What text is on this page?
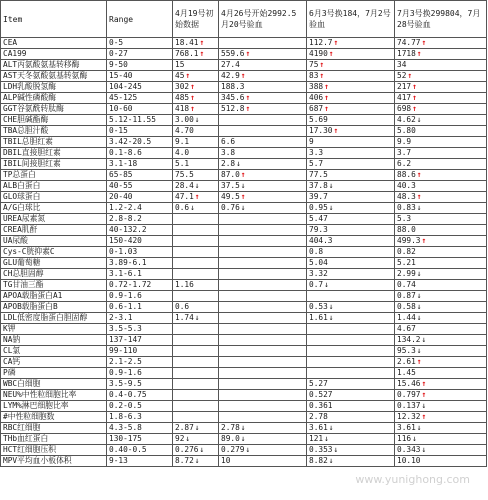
Item	Range	4月19号初始数据	4月26号开始2992.5月20号验血	6月3号换184，7月2号验血	7月3号换299804，7月28号验血
CEA	0-5	18.41↑		112.7↑	74.77↑
CA199	0-27	768.1↑	559.6↑	4190↑	1718↑
ALT丙氨酸氨基转移酶	9-50	15	27.4	75↑	34
AST天冬氨酸氨基转氨酶	15-40	45↑	42.9↑	83↑	52↑
LDH乳酸脱氢酶	104-245	302↑	188.3	388↑	217↑
ALP碱性磷酸酶	45-125	485↑	345.6↑	406↑	417↑
GGT谷氨酰转肽酶	10-60	418↑	512.8↑	687↑	698↑
CHE胆碱酯酶	5.12-11.55	3.00↓		5.69	4.62↓
TBA总胆汁酸	0-15	4.70		17.30↑	5.80
TBIL总胆红素	3.42-20.5	9.1	6.6	9	9.9
DBIL直接胆红素	0.1-8.6	4.0	3.8	3.3	3.7
IBIL间接胆红素	3.1-18	5.1	2.8↓	5.7	6.2
TP总蛋白	65-85	75.5	87.0↑	77.5	88.6↑
ALB白蛋白	40-55	28.4↓	37.5↓	37.8↓	40.3
GLO球蛋白	20-40	47.1↑	49.5↑	39.7	48.3↑
A/G白球比	1.2-2.4	0.6↓	0.76↓	0.95↓	0.83↓
UREA尿素氮	2.8-8.2			5.47	5.3
CREA肌酐	40-132.2			79.3	88.0
UA尿酸	150-420			404.3	499.3↑
Cys-C胱抑素C	0-1.03			0.8	0.82
GLU葡萄糖	3.89-6.1			5.04	5.21
CH总胆固醇	3.1-6.1			3.32	2.99↓
TG甘油三酯	0.72-1.72	1.16		0.7↓	0.74
APOA载脂蛋白A1	0.9-1.6				0.87↓
APOB载脂蛋白B	0.6-1.1	0.6		0.53↓	0.58↓
LDL低密度脂蛋白胆固醇	2-3.1	1.74↓		1.61↓	1.44↓
K钾	3.5-5.3				4.67
NA钠	137-147				134.2↓
CL氯	99-110				95.3↓
CA钙	2.1-2.5				2.61↑
P磷	0.9-1.6				1.45
WBC白细胞	3.5-9.5			5.27	15.46↑
NEU%中性粒细胞比率	0.4-0.75			0.527	0.797↑
LYM%淋巴细胞比率	0.2-0.5			0.361	0.137↓
#中性粒细胞数	1.8-6.3			2.78	12.32↑
RBC红细胞	4.3-5.8	2.87↓	2.78↓	3.61↓	3.61↓
THb血红蛋白	130-175	92↓	89.0↓	121↓	116↓
HCT红细胞压积	0.40-0.5	0.276↓	0.279↓	0.353↓	0.343↓
MPV平均血小板体积	9-13	8.72↓	10	8.82↓	10.10
www.yunighong.com
